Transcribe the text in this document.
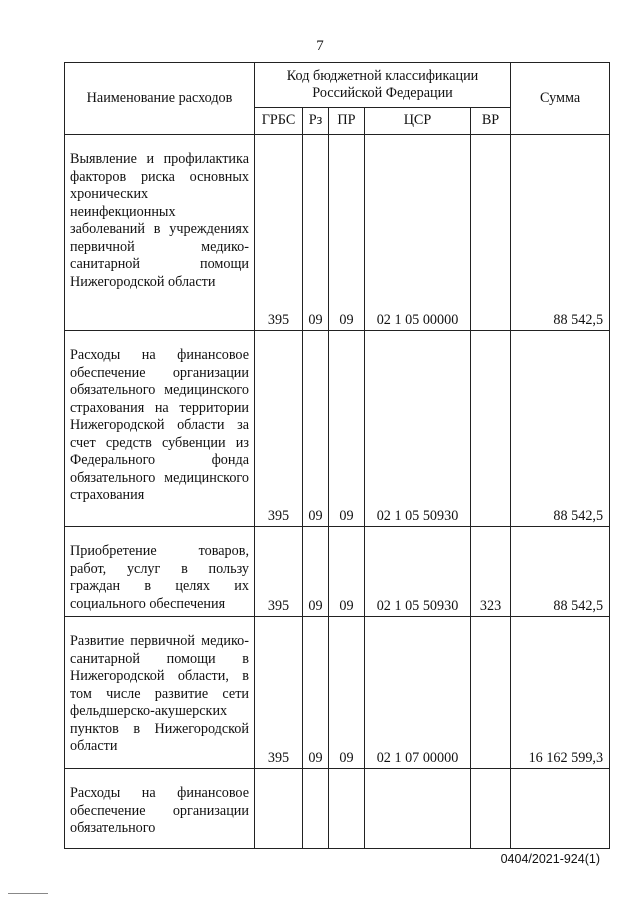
7
Наименование расходов	Код бюджетной классификации Российской Федерации					Сумма
	ГРБС	Рз	ПР	ЦСР	ВР	
Выявление и профилактика факторов риска основных хронических неинфекционных заболеваний в учреждениях первичной медико-санитарной помощи Нижегородской области	395	09	09	02 1 05 00000		88 542,5
Расходы на финансовое обеспечение организации обязательного медицинского страхования на территории Нижегородской области за счет средств субвенции из Федерального фонда обязательного медицинского страхования	395	09	09	02 1 05 50930		88 542,5
Приобретение товаров, работ, услуг в пользу граждан в целях их социального обеспечения	395	09	09	02 1 05 50930	323	88 542,5
Развитие первичной медико-санитарной помощи в Нижегородской области, в том числе развитие сети фельдшерско-акушерских пунктов в Нижегородской области	395	09	09	02 1 07 00000		16 162 599,3
Расходы на финансовое обеспечение организации обязательного						
0404/2021-924(1)
